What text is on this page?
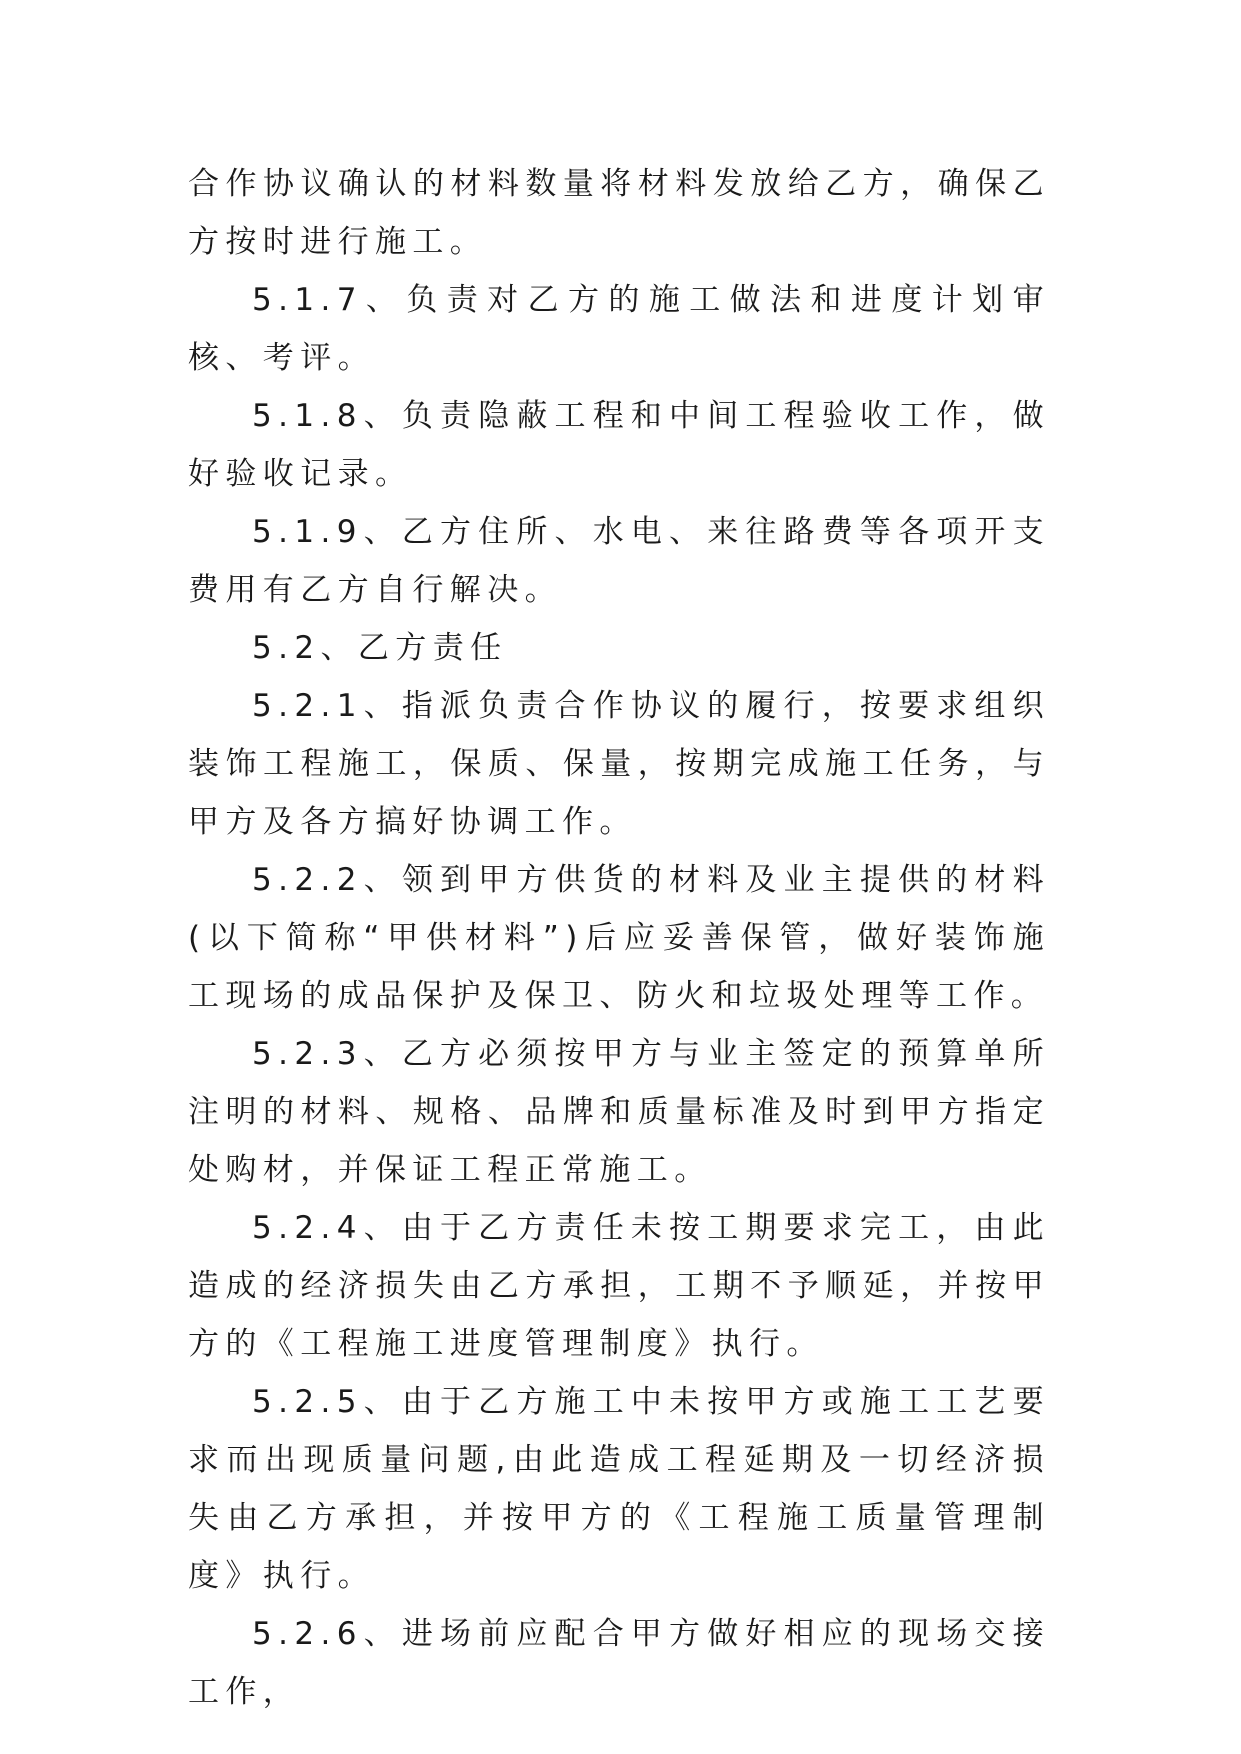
合作协议确认的材料数量将材料发放给乙方，确保乙方按时进行施工。

5.1.7、负责对乙方的施工做法和进度计划审核、考评。

5.1.8、负责隐蔽工程和中间工程验收工作，做好验收记录。

5.1.9、乙方住所、水电、来往路费等各项开支费用有乙方自行解决。

5.2、乙方责任

5.2.1、指派负责合作协议的履行，按要求组织装饰工程施工，保质、保量，按期完成施工任务，与甲方及各方搞好协调工作。

5.2.2、领到甲方供货的材料及业主提供的材料(以下简称“甲供材料”)后应妥善保管，做好装饰施工现场的成品保护及保卫、防火和垃圾处理等工作。

5.2.3、乙方必须按甲方与业主签定的预算单所注明的材料、规格、品牌和质量标准及时到甲方指定处购材，并保证工程正常施工。

5.2.4、由于乙方责任未按工期要求完工，由此造成的经济损失由乙方承担，工期不予顺延，并按甲方的《工程施工进度管理制度》执行。

5.2.5、由于乙方施工中未按甲方或施工工艺要求而出现质量问题,由此造成工程延期及一切经济损失由乙方承担，并按甲方的《工程施工质量管理制度》执行。

5.2.6、进场前应配合甲方做好相应的现场交接工作，
